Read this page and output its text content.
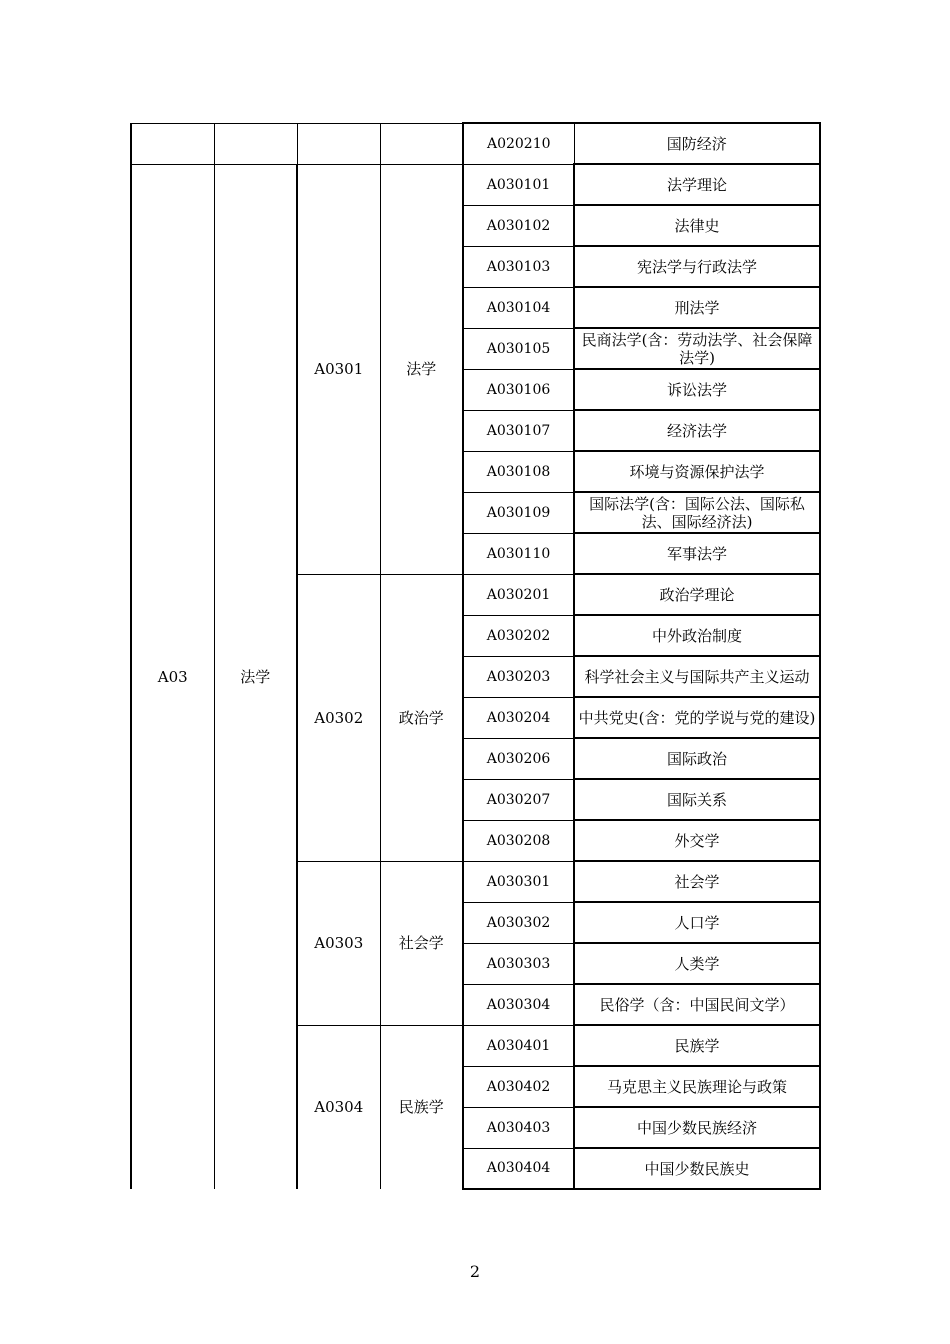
				A020210	国防经济
A03	法学	A0301	法学	A030101	法学理论
				A030102	法律史
				A030103	宪法学与行政法学
				A030104	刑法学
				A030105	民商法学(含：劳动法学、社会保障法学)
				A030106	诉讼法学
				A030107	经济法学
				A030108	环境与资源保护法学
				A030109	国际法学(含：国际公法、国际私法、国际经济法)
				A030110	军事法学
		A0302	政治学	A030201	政治学理论
				A030202	中外政治制度
				A030203	科学社会主义与国际共产主义运动
				A030204	中共党史(含：党的学说与党的建设)
				A030206	国际政治
				A030207	国际关系
				A030208	外交学
		A0303	社会学	A030301	社会学
				A030302	人口学
				A030303	人类学
				A030304	民俗学（含：中国民间文学）
		A0304	民族学	A030401	民族学
				A030402	马克思主义民族理论与政策
				A030403	中国少数民族经济
				A030404	中国少数民族史
2
